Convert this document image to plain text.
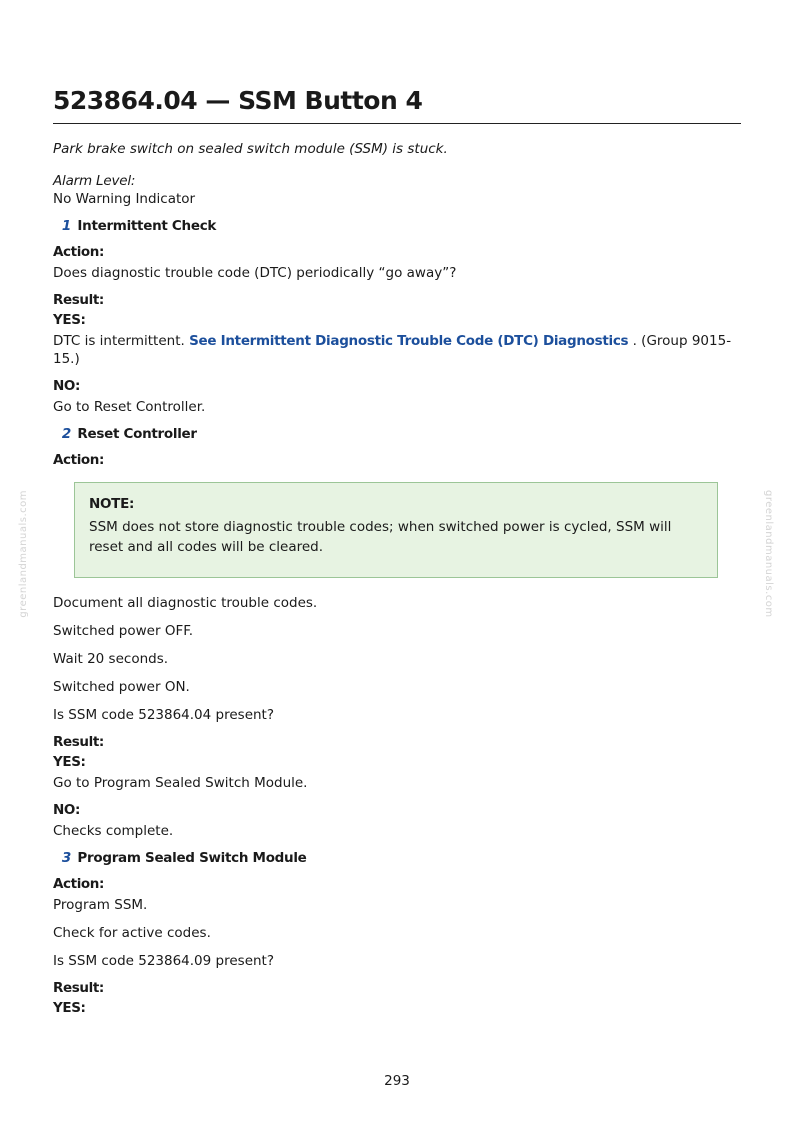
greenlandmanuals.com	greenlandmanuals.com
523864.04 — SSM Button 4
Park brake switch on sealed switch module (SSM) is stuck.
Alarm Level:
No Warning Indicator
1 Intermittent Check
Action:
Does diagnostic trouble code (DTC) periodically “go away”?
Result:
YES:
DTC is intermittent. See Intermittent Diagnostic Trouble Code (DTC) Diagnostics . (Group 9015-15.)
NO:
Go to Reset Controller.
2 Reset Controller
Action:
NOTE:
SSM does not store diagnostic trouble codes; when switched power is cycled, SSM will reset and all codes will be cleared.
Document all diagnostic trouble codes.
Switched power OFF.
Wait 20 seconds.
Switched power ON.
Is SSM code 523864.04 present?
Result:
YES:
Go to Program Sealed Switch Module.
NO:
Checks complete.
3 Program Sealed Switch Module
Action:
Program SSM.
Check for active codes.
Is SSM code 523864.09 present?
Result:
YES:
293
